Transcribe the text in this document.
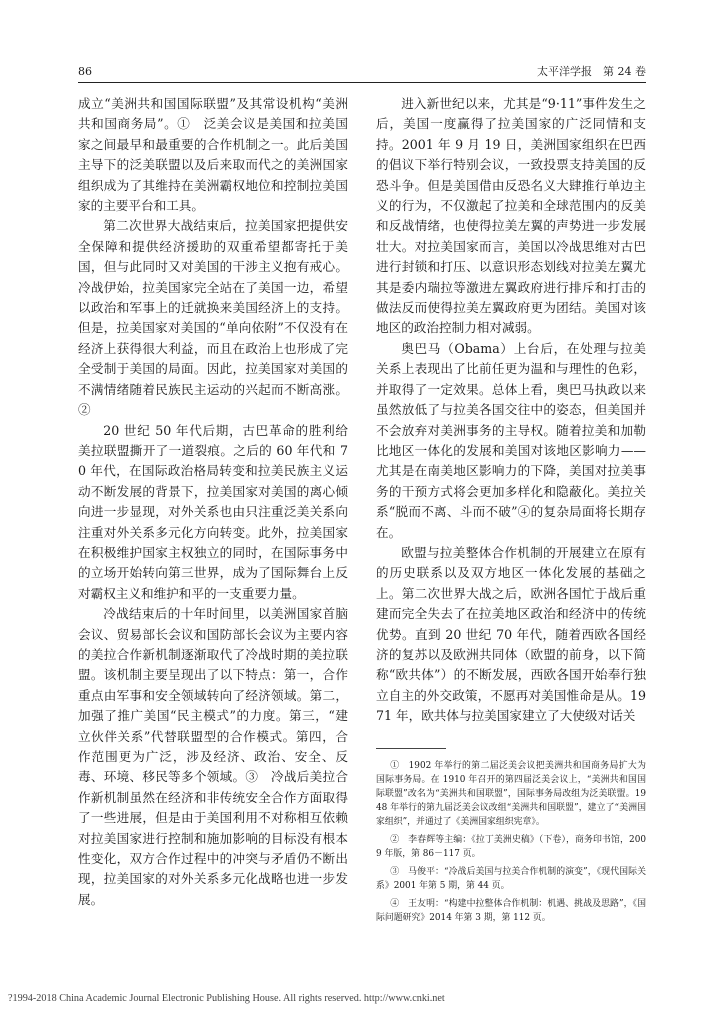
86	太平洋学报　第 24 卷

成立“美洲共和国国际联盟”及其常设机构“美洲共和国商务局”。①　泛美会议是美国和拉美国家之间最早和最重要的合作机制之一。此后美国主导下的泛美联盟以及后来取而代之的美洲国家组织成为了其维持在美洲霸权地位和控制拉美国家的主要平台和工具。

第二次世界大战结束后，拉美国家把提供安全保障和提供经济援助的双重希望都寄托于美国，但与此同时又对美国的干涉主义抱有戒心。冷战伊始，拉美国家完全站在了美国一边，希望以政治和军事上的迁就换来美国经济上的支持。但是，拉美国家对美国的“单向依附”不仅没有在经济上获得很大利益，而且在政治上也形成了完全受制于美国的局面。因此，拉美国家对美国的不满情绪随着民族民主运动的兴起而不断高涨。②

20 世纪 50 年代后期，古巴革命的胜利给美拉联盟撕开了一道裂痕。之后的 60 年代和 70 年代，在国际政治格局转变和拉美民族主义运动不断发展的背景下，拉美国家对美国的离心倾向进一步显现，对外关系也由只注重泛美关系向注重对外关系多元化方向转变。此外，拉美国家在积极维护国家主权独立的同时，在国际事务中的立场开始转向第三世界，成为了国际舞台上反对霸权主义和维护和平的一支重要力量。

冷战结束后的十年时间里，以美洲国家首脑会议、贸易部长会议和国防部长会议为主要内容的美拉合作新机制逐渐取代了冷战时期的美拉联盟。该机制主要呈现出了以下特点：第一，合作重点由军事和安全领域转向了经济领域。第二，加强了推广美国“民主模式”的力度。第三，“建立伙伴关系”代替联盟型的合作模式。第四，合作范围更为广泛，涉及经济、政治、安全、反毒、环境、移民等多个领域。③　冷战后美拉合作新机制虽然在经济和非传统安全合作方面取得了一些进展，但是由于美国利用不对称相互依赖对拉美国家进行控制和施加影响的目标没有根本性变化，双方合作过程中的冲突与矛盾仍不断出现，拉美国家的对外关系多元化战略也进一步发展。

进入新世纪以来，尤其是“9·11”事件发生之后，美国一度赢得了拉美国家的广泛同情和支持。2001 年 9 月 19 日，美洲国家组织在巴西的倡议下举行特别会议，一致投票支持美国的反恐斗争。但是美国借由反恐名义大肆推行单边主义的行为，不仅激起了拉美和全球范围内的反美和反战情绪，也使得拉美左翼的声势进一步发展壮大。对拉美国家而言，美国以冷战思维对古巴进行封锁和打压、以意识形态划线对拉美左翼尤其是委内瑞拉等激进左翼政府进行排斥和打击的做法反而使得拉美左翼政府更为团结。美国对该地区的政治控制力相对减弱。

奥巴马（Obama）上台后，在处理与拉美关系上表现出了比前任更为温和与理性的色彩，并取得了一定效果。总体上看，奥巴马执政以来虽然放低了与拉美各国交往中的姿态，但美国并不会放弃对美洲事务的主导权。随着拉美和加勒比地区一体化的发展和美国对该地区影响力——尤其是在南美地区影响力的下降，美国对拉美事务的干预方式将会更加多样化和隐蔽化。美拉关系“脱而不离、斗而不破”④的复杂局面将长期存在。

欧盟与拉美整体合作机制的开展建立在原有的历史联系以及双方地区一体化发展的基础之上。第二次世界大战之后，欧洲各国忙于战后重建而完全失去了在拉美地区政治和经济中的传统优势。直到 20 世纪 70 年代，随着西欧各国经济的复苏以及欧洲共同体（欧盟的前身，以下简称“欧共体”）的不断发展，西欧各国开始奉行独立自主的外交政策，不愿再对美国惟命是从。1971 年，欧共体与拉美国家建立了大使级对话关

①　1902 年举行的第二届泛美会议把美洲共和国商务局扩大为国际事务局。在 1910 年召开的第四届泛美会议上，“美洲共和国国际联盟”改名为“美洲共和国联盟”，国际事务局改组为泛美联盟。1948 年举行的第九届泛美会议改组“美洲共和国联盟”，建立了“美洲国家组织”，并通过了《美洲国家组织宪章》。

②　李春辉等主编：《拉丁美洲史稿》（下卷），商务印书馆，2009 年版，第 86－117 页。

③　马俊平：“冷战后美国与拉美合作机制的演变”，《现代国际关系》2001 年第 5 期，第 44 页。

④　王友明：“构建中拉整体合作机制：机遇、挑战及思路”，《国际问题研究》2014 年第 3 期，第 112 页。

?1994-2018 China Academic Journal Electronic Publishing House. All rights reserved. http://www.cnki.net
